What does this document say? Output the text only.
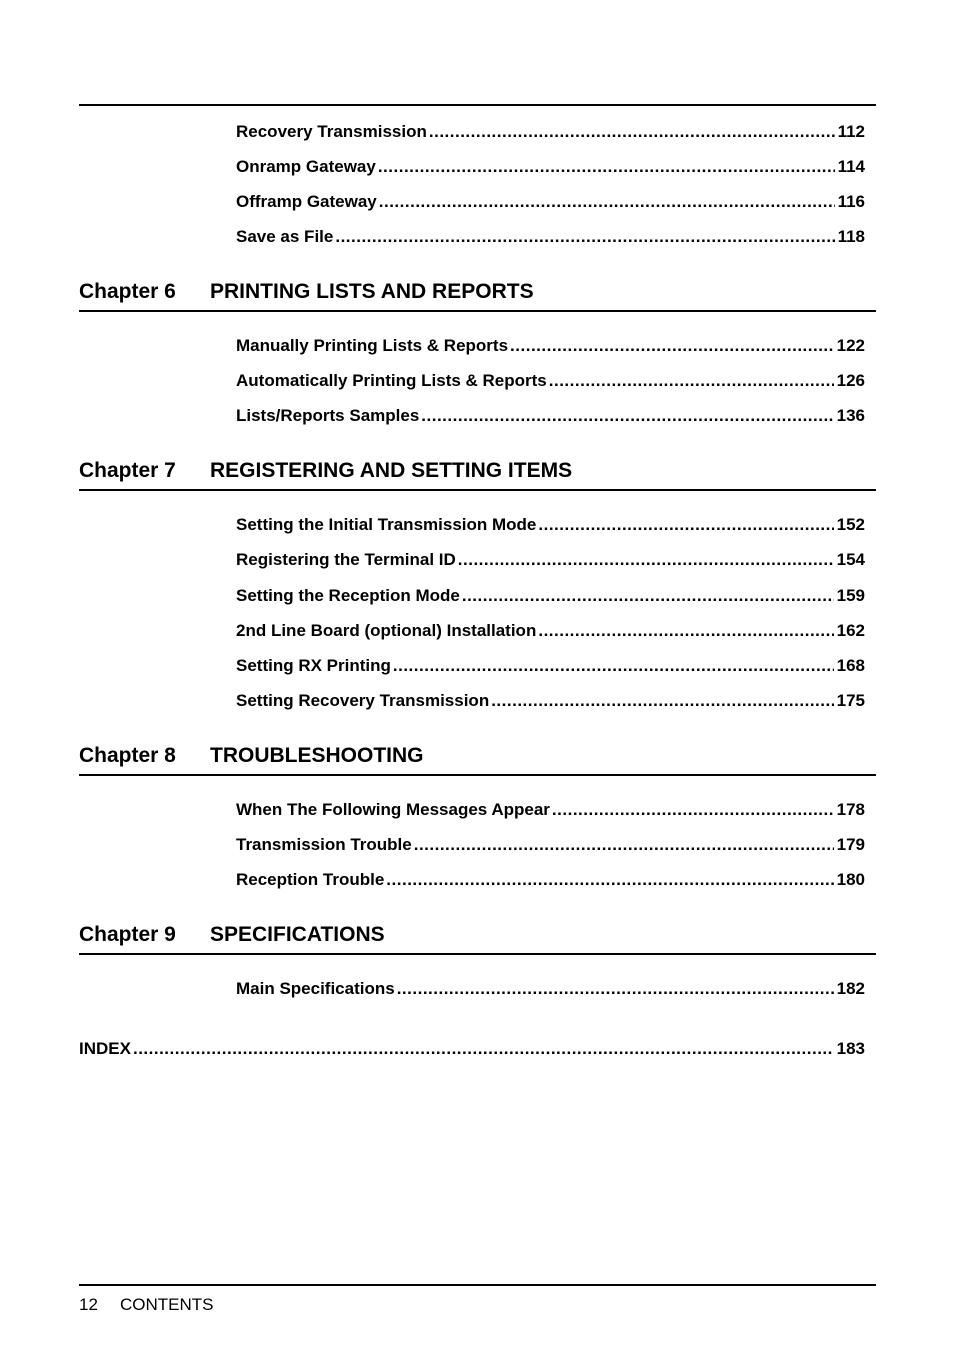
Recovery Transmission .....	112
Onramp Gateway .....	114
Offramp Gateway .....	116
Save as File .....	118
Chapter 6 PRINTING LISTS AND REPORTS
Manually Printing Lists & Reports .....	122
Automatically Printing Lists & Reports .....	126
Lists/Reports Samples .....	136
Chapter 7 REGISTERING AND SETTING ITEMS
Setting the Initial Transmission Mode .....	152
Registering the Terminal ID .....	154
Setting the Reception Mode .....	159
2nd Line Board (optional) Installation .....	162
Setting RX Printing .....	168
Setting Recovery Transmission .....	175
Chapter 8 TROUBLESHOOTING
When The Following Messages Appear .....	178
Transmission Trouble .....	179
Reception Trouble .....	180
Chapter 9 SPECIFICATIONS
Main Specifications .....	182
INDEX .....	183
12 CONTENTS
